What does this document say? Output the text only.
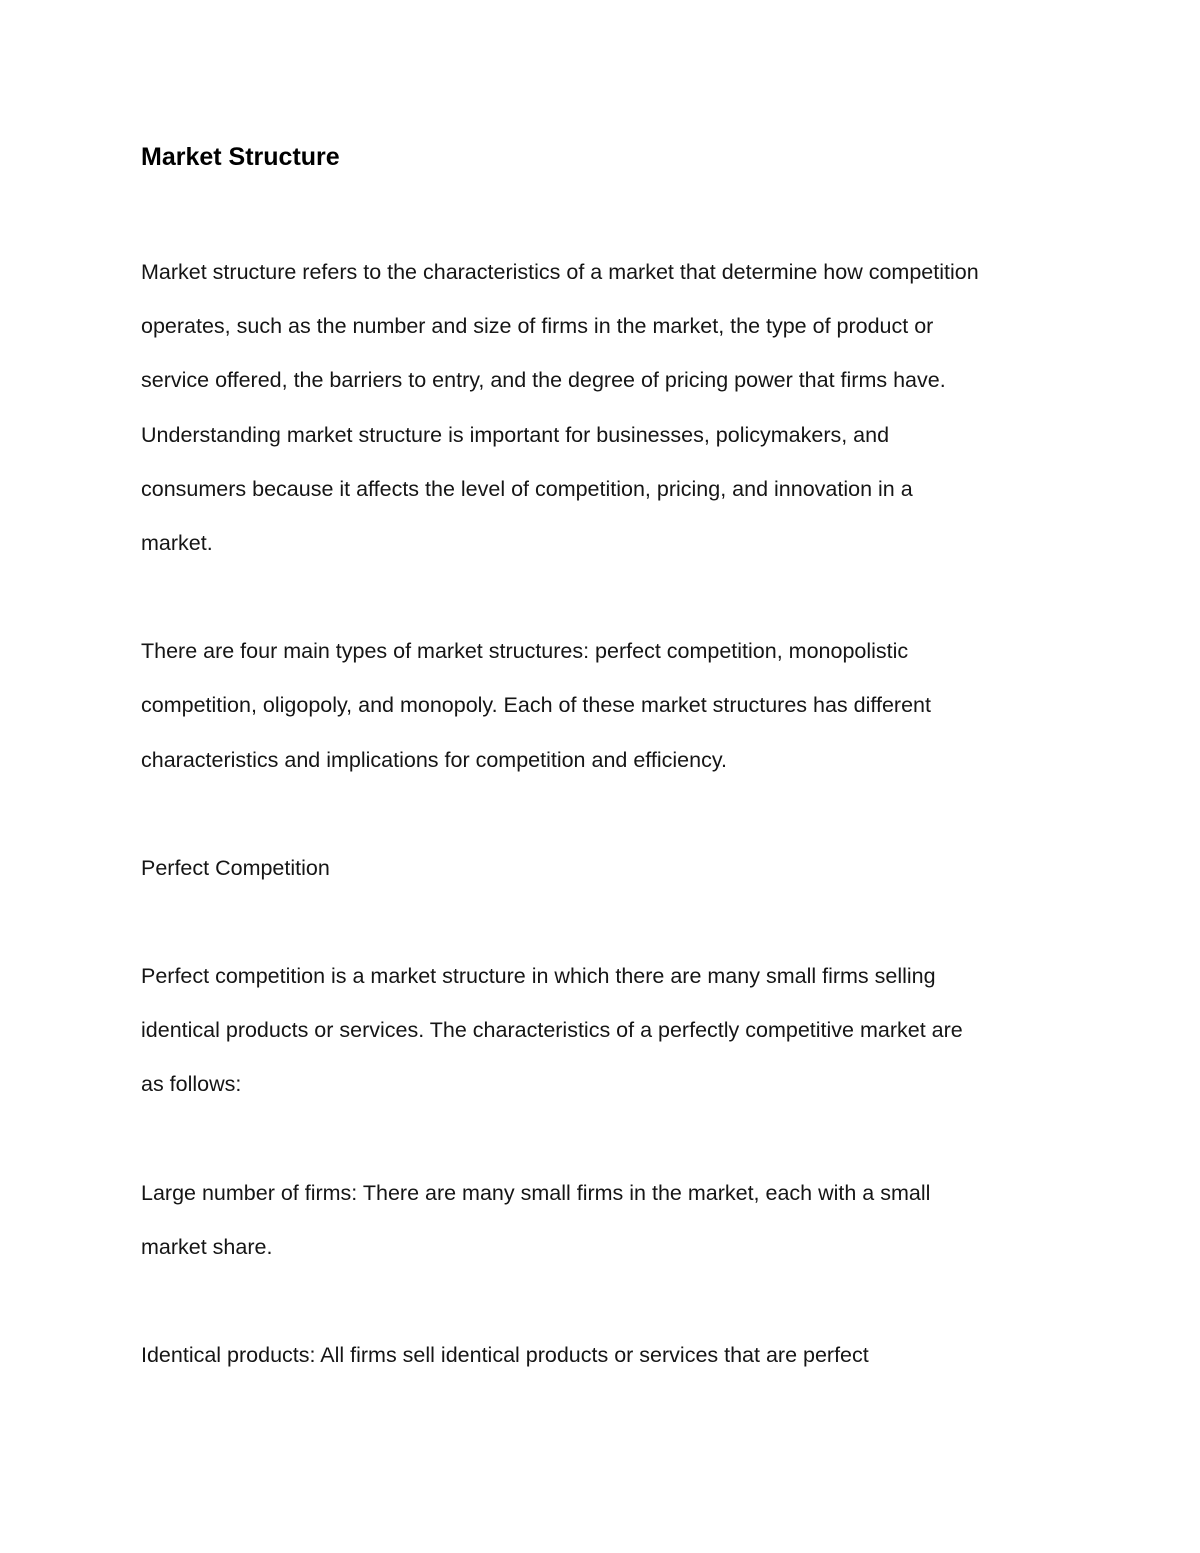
Market Structure

Market structure refers to the characteristics of a market that determine how competition

operates, such as the number and size of firms in the market, the type of product or

service offered, the barriers to entry, and the degree of pricing power that firms have.

Understanding market structure is important for businesses, policymakers, and

consumers because it affects the level of competition, pricing, and innovation in a

market.

There are four main types of market structures: perfect competition, monopolistic

competition, oligopoly, and monopoly. Each of these market structures has different

characteristics and implications for competition and efficiency.

Perfect Competition

Perfect competition is a market structure in which there are many small firms selling

identical products or services. The characteristics of a perfectly competitive market are

as follows:

Large number of firms: There are many small firms in the market, each with a small

market share.

Identical products: All firms sell identical products or services that are perfect
